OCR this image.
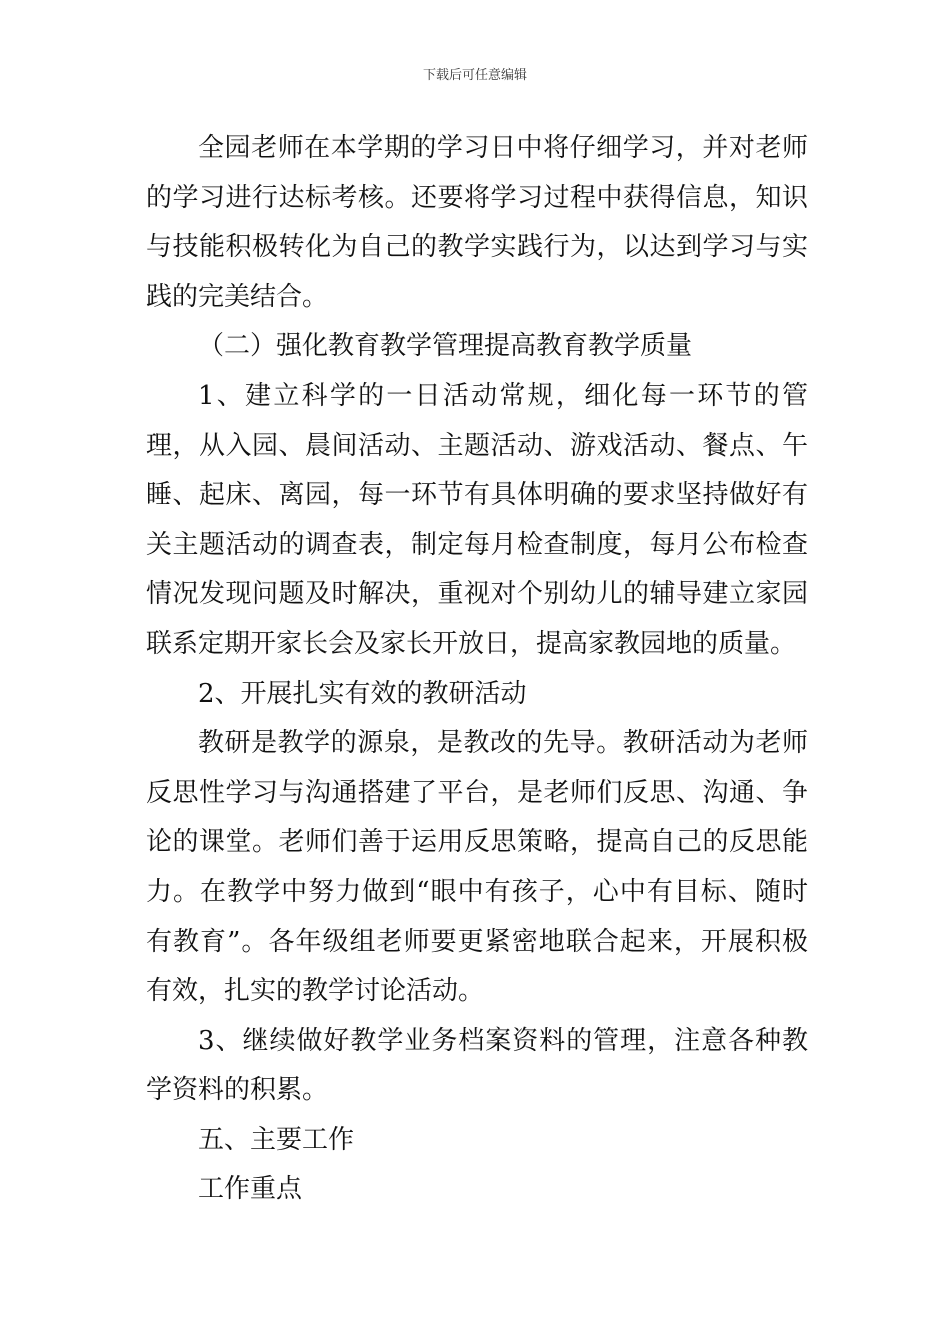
下载后可任意编辑

全园老师在本学期的学习日中将仔细学习，并对老师的学习进行达标考核。还要将学习过程中获得信息，知识与技能积极转化为自己的教学实践行为，以达到学习与实践的完美结合。

（二）强化教育教学管理提高教育教学质量

1、建立科学的一日活动常规，细化每一环节的管理，从入园、晨间活动、主题活动、游戏活动、餐点、午睡、起床、离园，每一环节有具体明确的要求坚持做好有关主题活动的调查表，制定每月检查制度，每月公布检查情况发现问题及时解决，重视对个别幼儿的辅导建立家园联系定期开家长会及家长开放日，提高家教园地的质量。

2、开展扎实有效的教研活动

教研是教学的源泉，是教改的先导。教研活动为老师反思性学习与沟通搭建了平台，是老师们反思、沟通、争论的课堂。老师们善于运用反思策略，提高自己的反思能力。在教学中努力做到“眼中有孩子，心中有目标、随时有教育”。各年级组老师要更紧密地联合起来，开展积极有效，扎实的教学讨论活动。

3、继续做好教学业务档案资料的管理，注意各种教学资料的积累。

五、主要工作

工作重点
